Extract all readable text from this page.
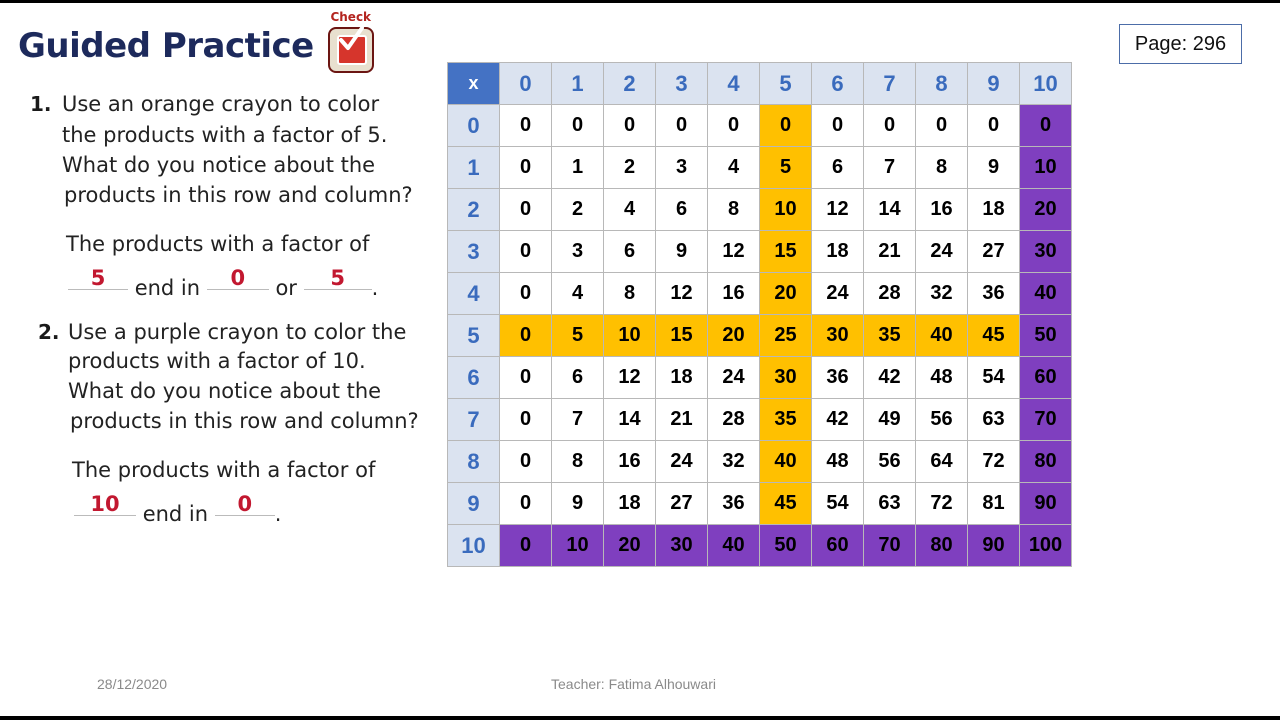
Guided Practice
Check
Page: 296
1. Use an orange crayon to color
the products with a factor of 5.
What do you notice about the
products in this row and column?
The products with a factor of
5 end in 0 or 5 .
2. Use a purple crayon to color the
products with a factor of 10.
What do you notice about the
products in this row and column?
The products with a factor of
10 end in 0 .
x	0	1	2	3	4	5	6	7	8	9	10
0	0	0	0	0	0	0	0	0	0	0	0
1	0	1	2	3	4	5	6	7	8	9	10
2	0	2	4	6	8	10	12	14	16	18	20
3	0	3	6	9	12	15	18	21	24	27	30
4	0	4	8	12	16	20	24	28	32	36	40
5	0	5	10	15	20	25	30	35	40	45	50
6	0	6	12	18	24	30	36	42	48	54	60
7	0	7	14	21	28	35	42	49	56	63	70
8	0	8	16	24	32	40	48	56	64	72	80
9	0	9	18	27	36	45	54	63	72	81	90
10	0	10	20	30	40	50	60	70	80	90	100
28/12/2020	Teacher: Fatima Alhouwari
